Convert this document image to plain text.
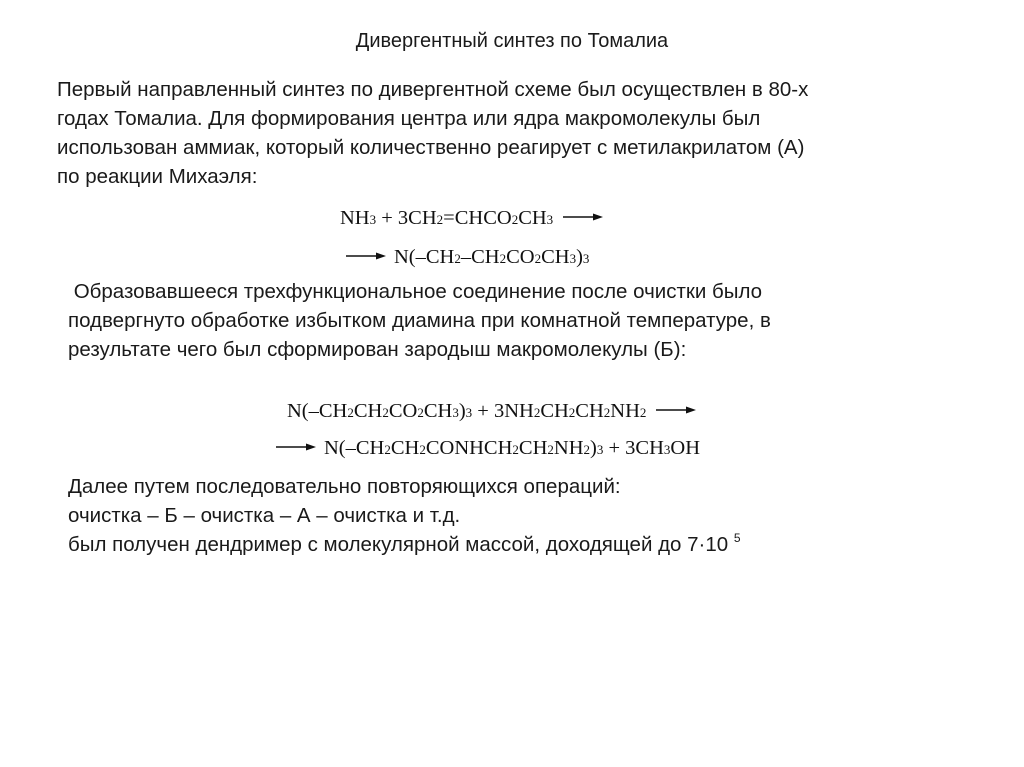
Дивергентный синтез по Томалиа

Первый направленный синтез по дивергентной схеме был осуществлен в 80-х
годах Томалиа. Для формирования центра или ядра макромолекулы был
использован аммиак, который количественно реагирует с метилакрилатом (А)
по реакции Михаэля:

NH 3 + 3CH 2 =CHCO 2 CH 3 →
→ N(–CH 2 –CH 2 CO 2 CH 3 ) 3

Образовавшееся трехфункциональное соединение после очистки было
подвергнуто обработке избытком диамина при комнатной температуре, в
результате чего был сформирован зародыш макромолекулы (Б):

N(–CH 2 CH 2 CO 2 CH 3 ) 3 + 3NH 2 CH 2 CH 2 NH 2 →
→ N(–CH 2 CH 2 CONHCH 2 CH 2 NH 2 ) 3 + 3CH 3 OH

Далее путем последовательно повторяющихся операций:
очистка – Б – очистка – А – очистка и т.д.
был получен дендример с молекулярной массой, доходящей до 7·10 $^5$
